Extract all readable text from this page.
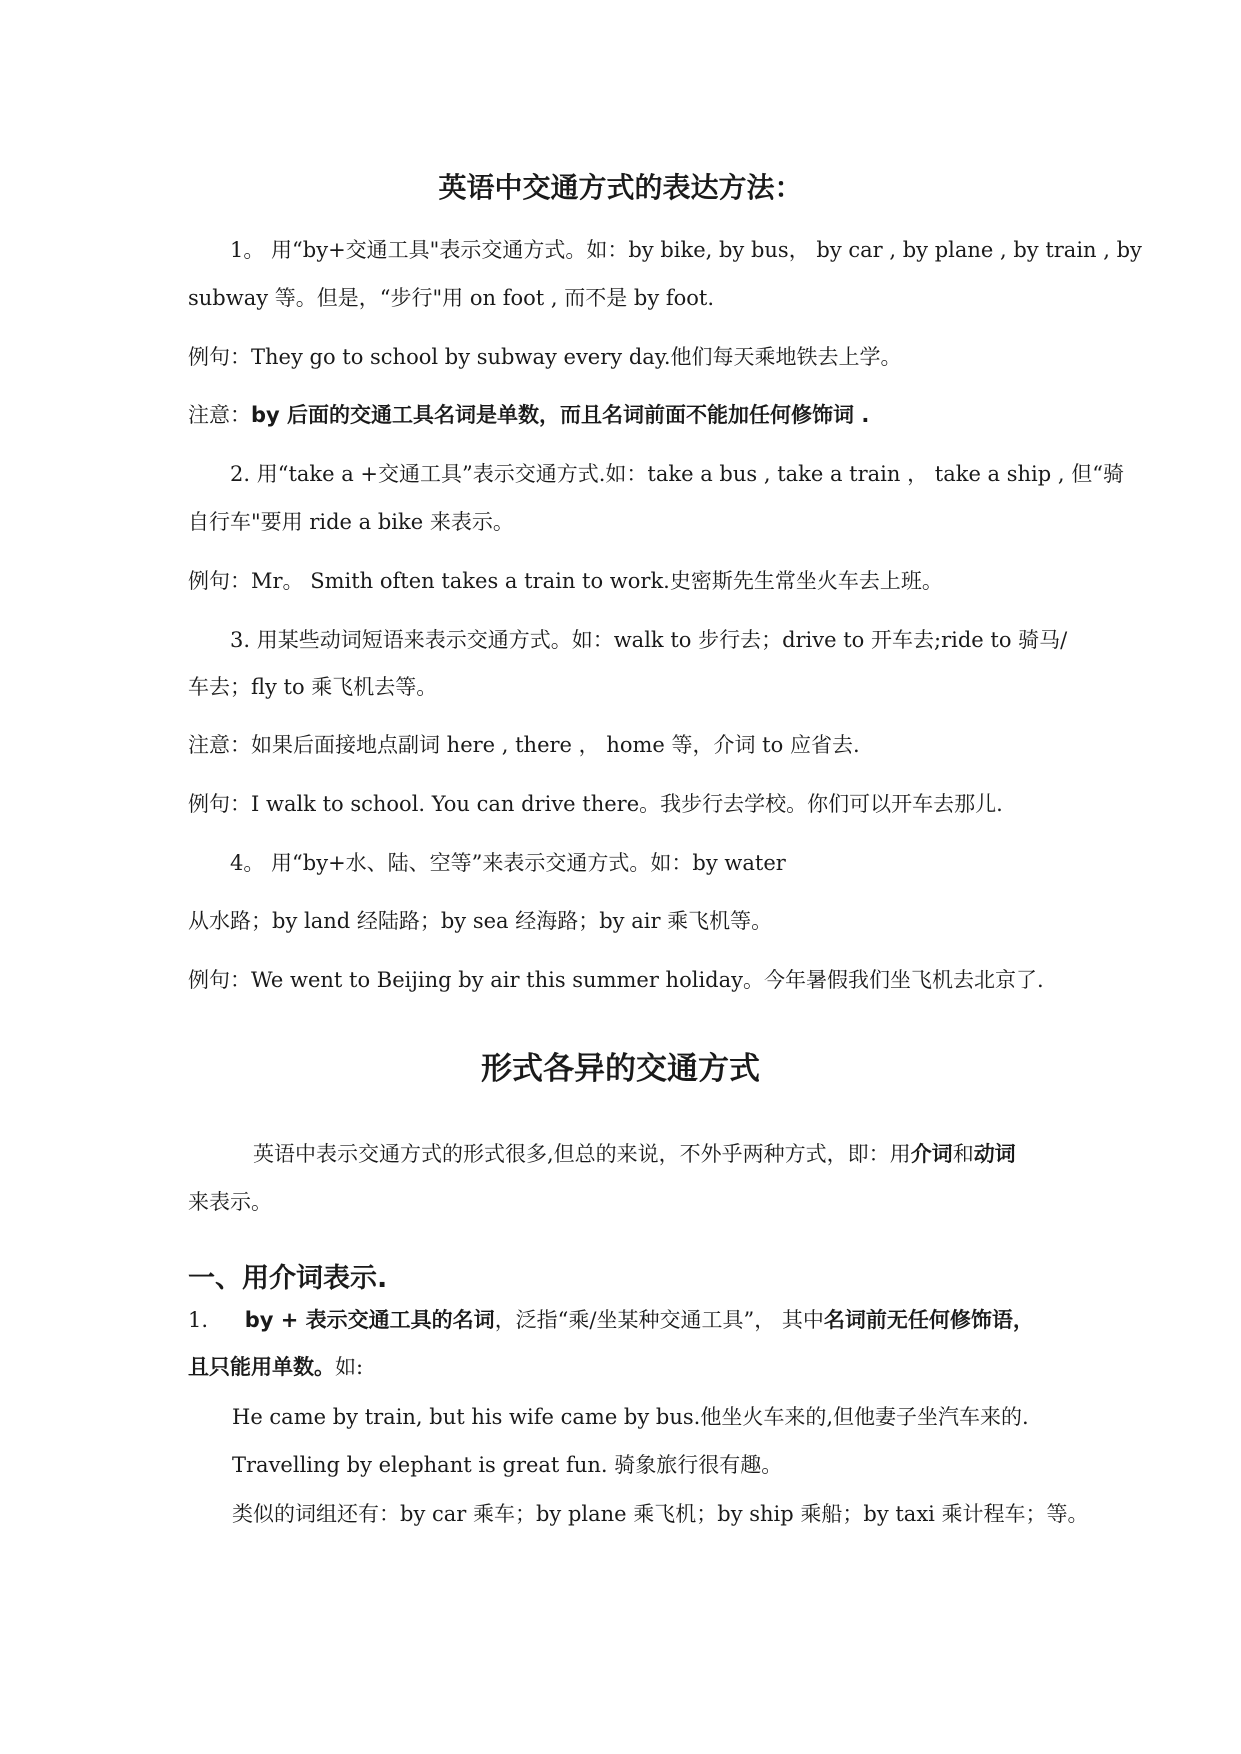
英语中交通方式的表达方法：
1。 用“by+交通工具"表示交通方式。如：by bike, by bus， by car , by plane , by train , by
subway 等。但是，“步行"用 on foot , 而不是 by foot.
例句：They go to school by subway every day.他们每天乘地铁去上学。
注意：by 后面的交通工具名词是单数，而且名词前面不能加任何修饰词 .
2. 用“take a +交通工具”表示交通方式.如：take a bus , take a train ， take a ship , 但“骑
自行车"要用 ride a bike 来表示。
例句：Mr。 Smith often takes a train to work.史密斯先生常坐火车去上班。
3. 用某些动词短语来表示交通方式。如：walk to 步行去；drive to 开车去;ride to 骑马/
车去；fly to 乘飞机去等。
注意：如果后面接地点副词 here , there ， home 等，介词 to 应省去.
例句：I walk to school. You can drive there。我步行去学校。你们可以开车去那儿.
4。 用“by+水、陆、空等”来表示交通方式。如：by water
从水路；by land 经陆路；by sea 经海路；by air 乘飞机等。
例句：We went to Beijing by air this summer holiday。今年暑假我们坐飞机去北京了.
形式各异的交通方式
英语中表示交通方式的形式很多,但总的来说，不外乎两种方式，即：用介词和动词
来表示。
一、用介词表示.
1. by + 表示交通工具的名词，泛指“乘/坐某种交通工具”， 其中名词前无任何修饰语，
且只能用单数。如:
He came by train, but his wife came by bus.他坐火车来的,但他妻子坐汽车来的.
Travelling by elephant is great fun. 骑象旅行很有趣。
类似的词组还有：by car 乘车；by plane 乘飞机；by ship 乘船；by taxi 乘计程车；等。
